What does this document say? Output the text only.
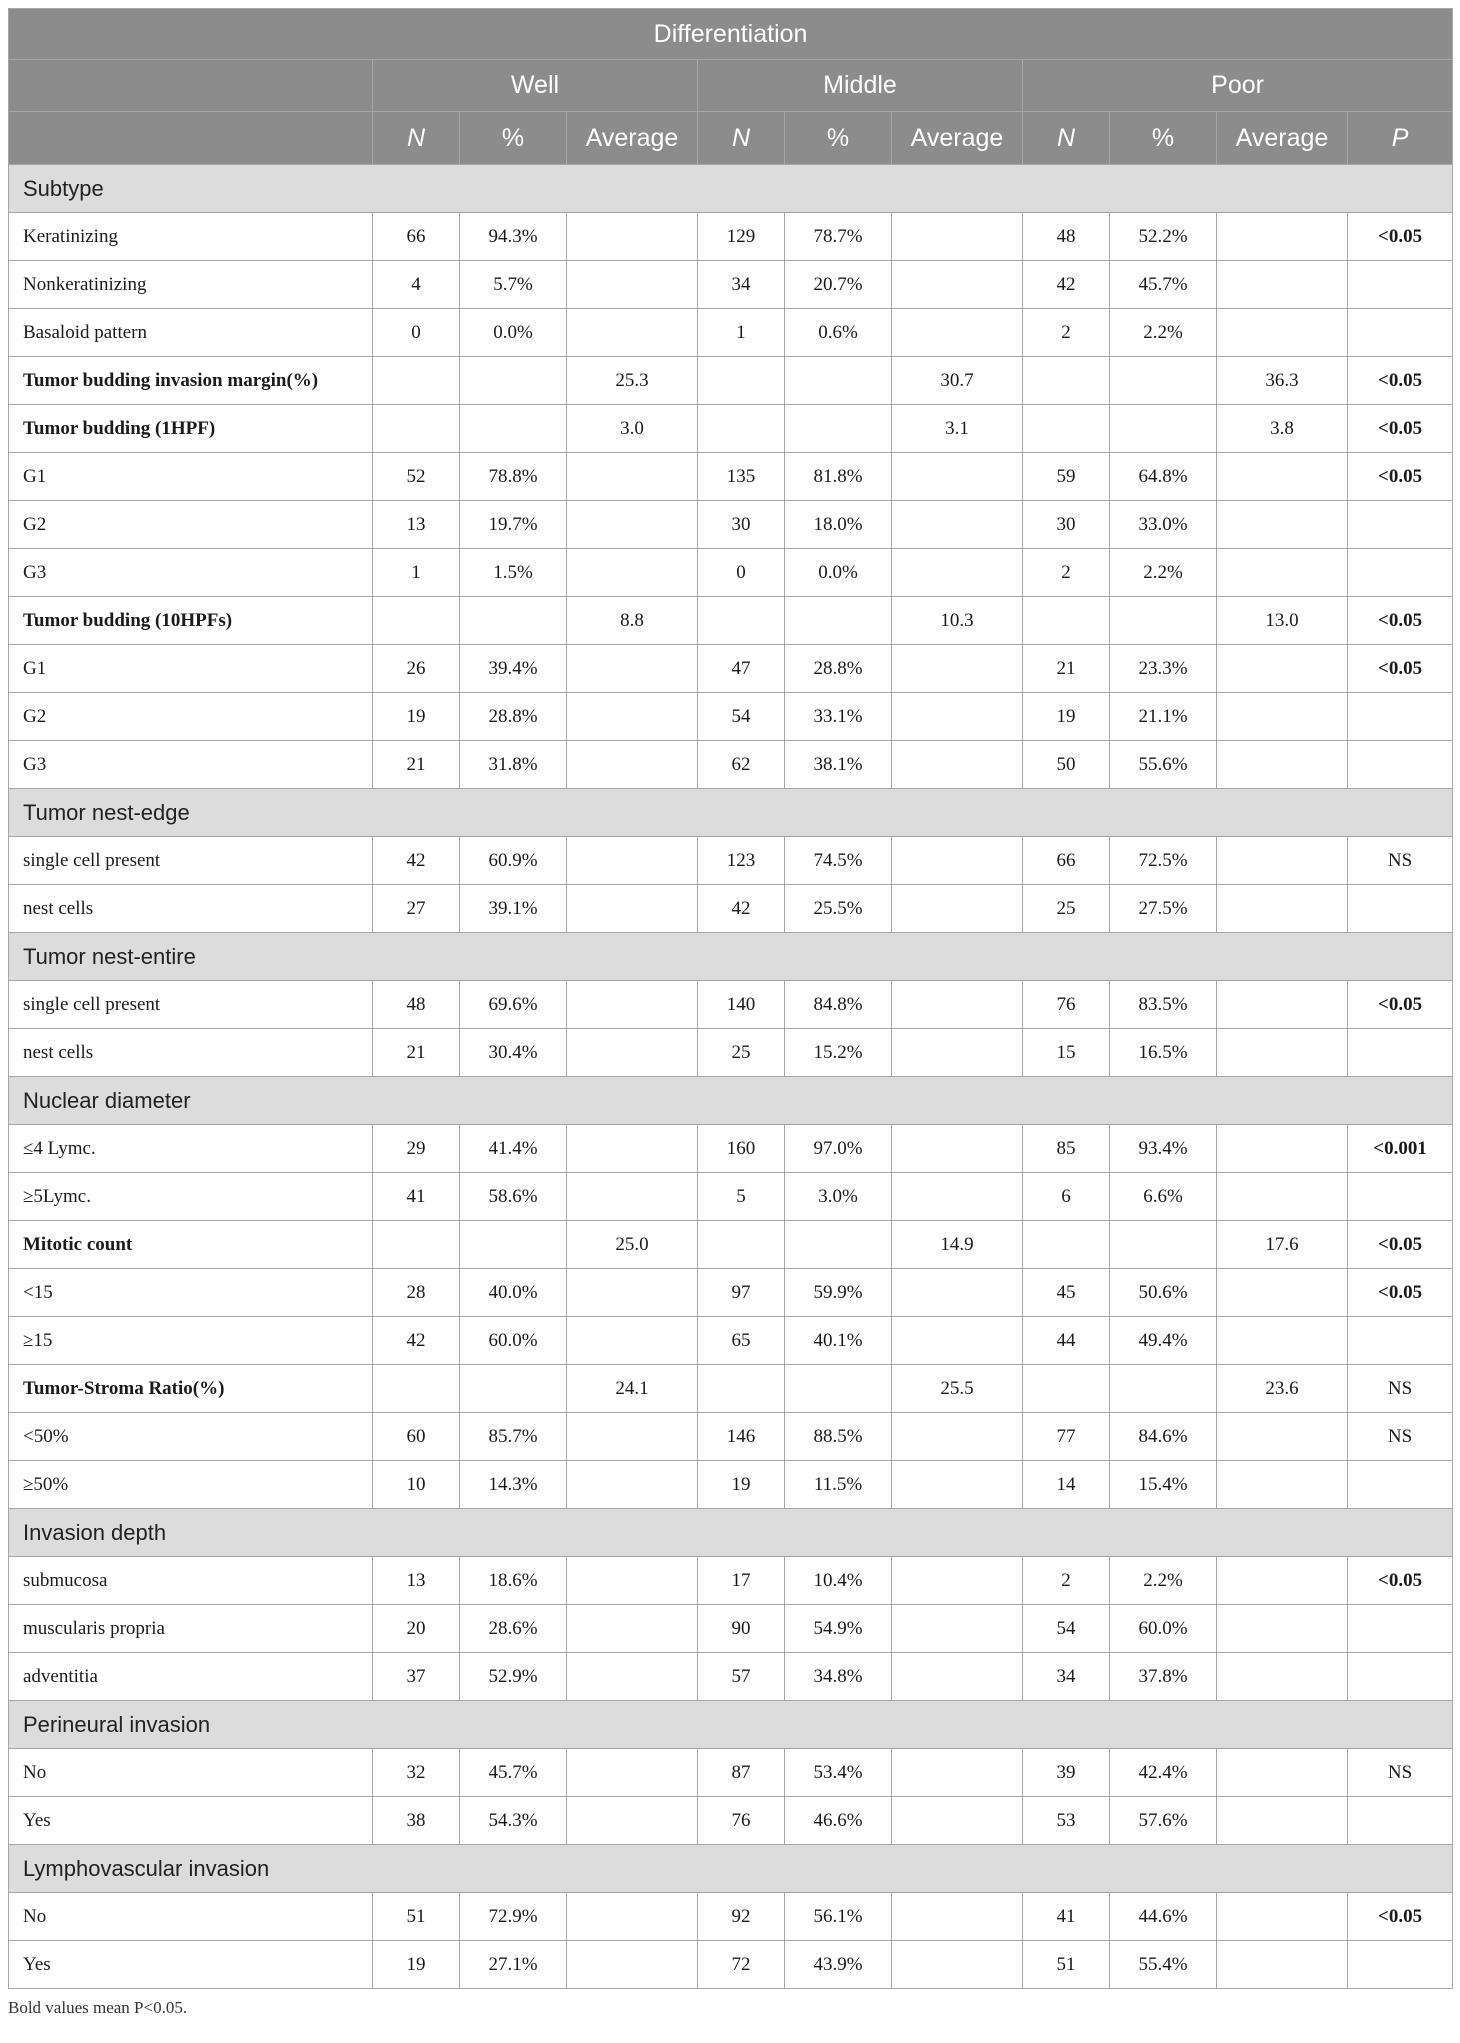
Differentiation										
	Well			Middle			Poor			
	N	%	Average	N	%	Average	N	%	Average	P
Subtype										
Keratinizing	66	94.3%		129	78.7%		48	52.2%		<0.05
Nonkeratinizing	4	5.7%		34	20.7%		42	45.7%		
Basaloid pattern	0	0.0%		1	0.6%		2	2.2%		
Tumor budding invasion margin(%)			25.3			30.7			36.3	<0.05
Tumor budding (1HPF)			3.0			3.1			3.8	<0.05
G1	52	78.8%		135	81.8%		59	64.8%		<0.05
G2	13	19.7%		30	18.0%		30	33.0%		
G3	1	1.5%		0	0.0%		2	2.2%		
Tumor budding (10HPFs)			8.8			10.3			13.0	<0.05
G1	26	39.4%		47	28.8%		21	23.3%		<0.05
G2	19	28.8%		54	33.1%		19	21.1%		
G3	21	31.8%		62	38.1%		50	55.6%		
Tumor nest-edge										
single cell present	42	60.9%		123	74.5%		66	72.5%		NS
nest cells	27	39.1%		42	25.5%		25	27.5%		
Tumor nest-entire										
single cell present	48	69.6%		140	84.8%		76	83.5%		<0.05
nest cells	21	30.4%		25	15.2%		15	16.5%		
Nuclear diameter										
≤4 Lymc.	29	41.4%		160	97.0%		85	93.4%		<0.001
≥5Lymc.	41	58.6%		5	3.0%		6	6.6%		
Mitotic count			25.0			14.9			17.6	<0.05
<15	28	40.0%		97	59.9%		45	50.6%		<0.05
≥15	42	60.0%		65	40.1%		44	49.4%		
Tumor-Stroma Ratio(%)			24.1			25.5			23.6	NS
<50%	60	85.7%		146	88.5%		77	84.6%		NS
≥50%	10	14.3%		19	11.5%		14	15.4%		
Invasion depth										
submucosa	13	18.6%		17	10.4%		2	2.2%		<0.05
muscularis propria	20	28.6%		90	54.9%		54	60.0%		
adventitia	37	52.9%		57	34.8%		34	37.8%		
Perineural invasion										
No	32	45.7%		87	53.4%		39	42.4%		NS
Yes	38	54.3%		76	46.6%		53	57.6%		
Lymphovascular invasion										
No	51	72.9%		92	56.1%		41	44.6%		<0.05
Yes	19	27.1%		72	43.9%		51	55.4%		
Bold values mean P<0.05.
